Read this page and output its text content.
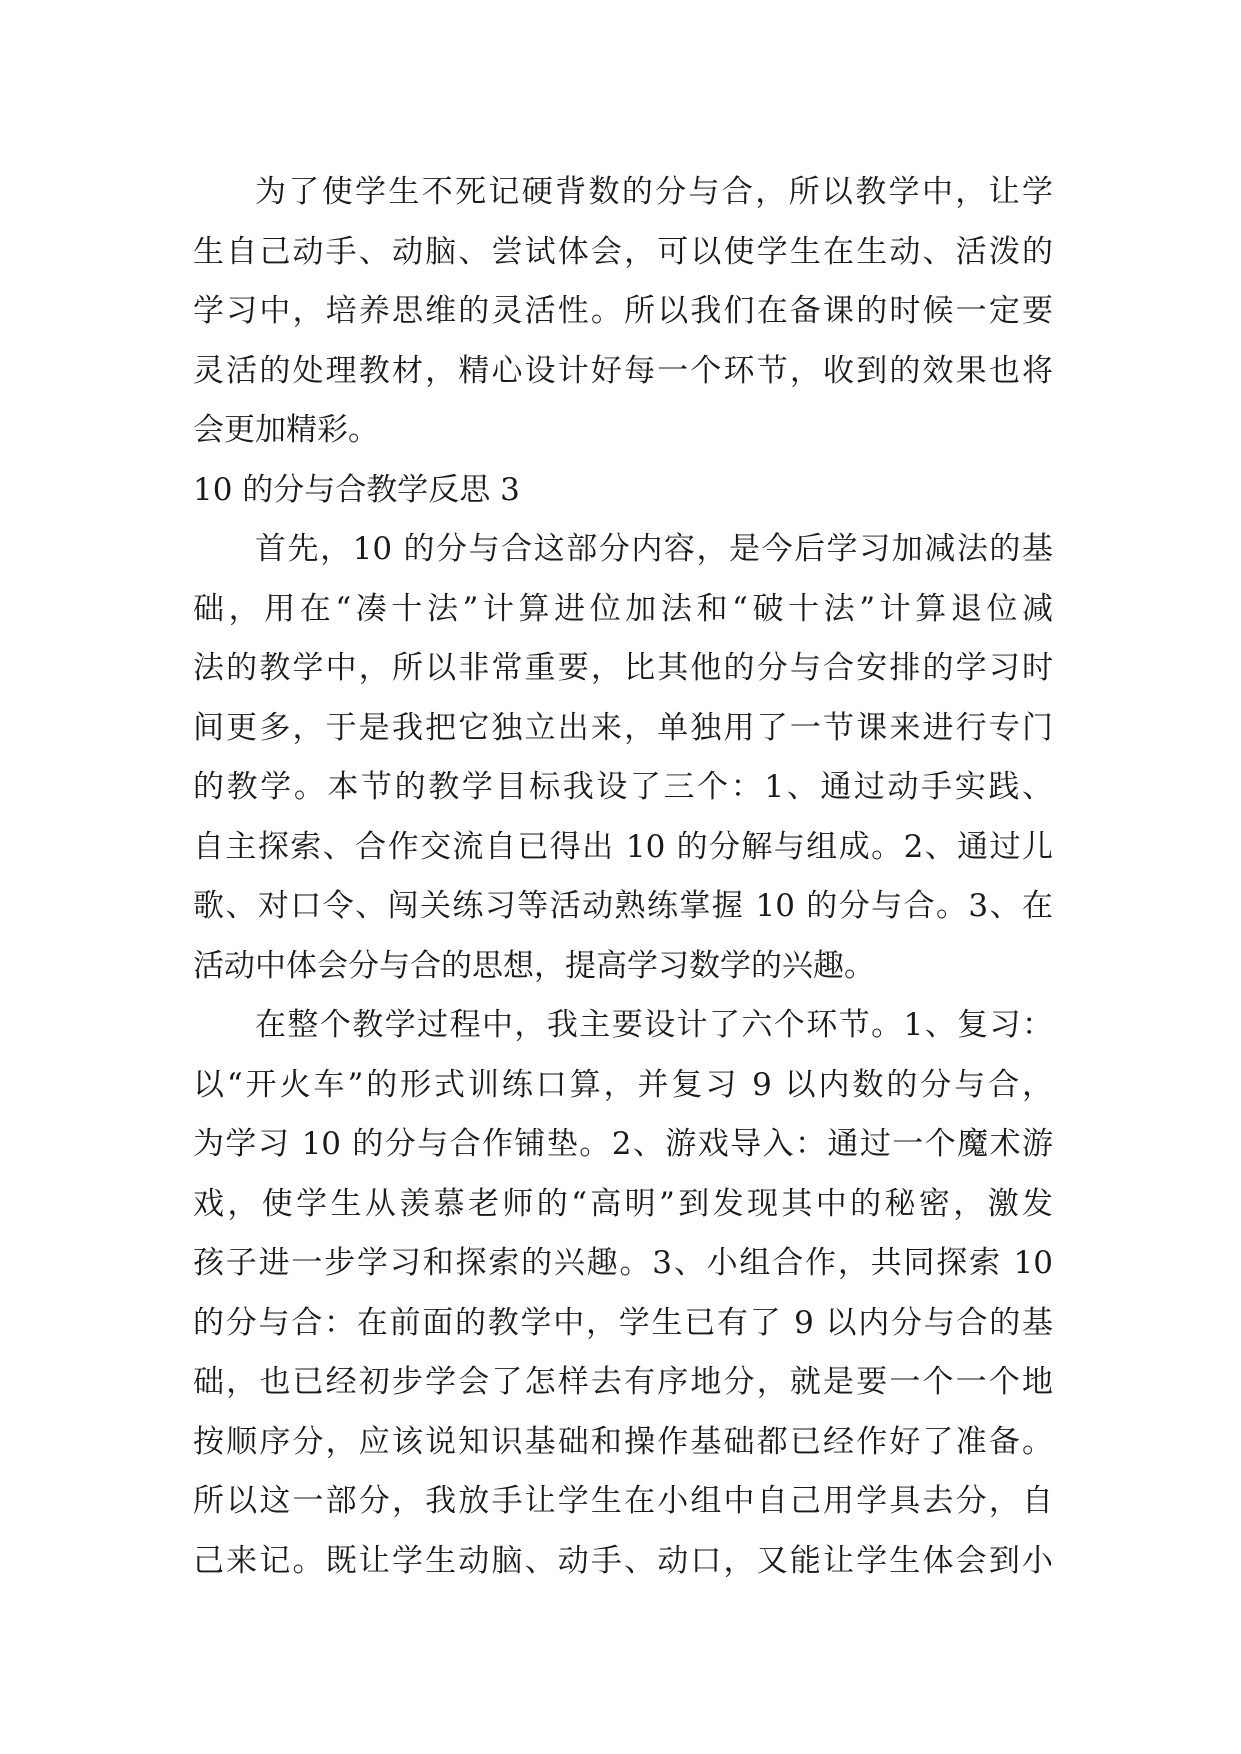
为了使学生不死记硬背数的分与合，所以教学中，让学
生自己动手、动脑、尝试体会，可以使学生在生动、活泼的
学习中，培养思维的灵活性。所以我们在备课的时候一定要
灵活的处理教材，精心设计好每一个环节，收到的效果也将
会更加精彩。
10 的分与合教学反思 3
首先，10 的分与合这部分内容，是今后学习加减法的基
础，用在“凑十法”计算进位加法和“破十法”计算退位减
法的教学中，所以非常重要，比其他的分与合安排的学习时
间更多，于是我把它独立出来，单独用了一节课来进行专门
的教学。本节的教学目标我设了三个：1、通过动手实践、
自主探索、合作交流自已得出 10 的分解与组成。2、通过儿
歌、对口令、闯关练习等活动熟练掌握 10 的分与合。3、在
活动中体会分与合的思想，提高学习数学的兴趣。
在整个教学过程中，我主要设计了六个环节。1、复习：
以“开火车”的形式训练口算，并复习 9 以内数的分与合，
为学习 10 的分与合作铺垫。2、游戏导入：通过一个魔术游
戏，使学生从羡慕老师的“高明”到发现其中的秘密，激发
孩子进一步学习和探索的兴趣。3、小组合作，共同探索 10
的分与合：在前面的教学中，学生已有了 9 以内分与合的基
础，也已经初步学会了怎样去有序地分，就是要一个一个地
按顺序分，应该说知识基础和操作基础都已经作好了准备。
所以这一部分，我放手让学生在小组中自己用学具去分，自
己来记。既让学生动脑、动手、动口，又能让学生体会到小
